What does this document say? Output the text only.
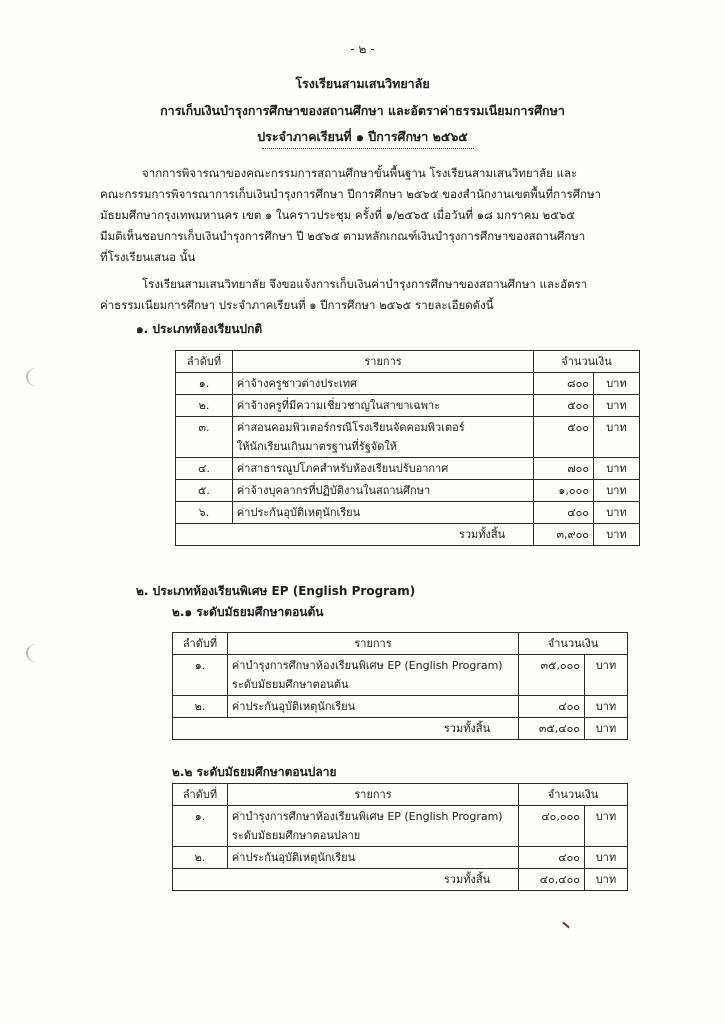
- ๒ -
โรงเรียนสามเสนวิทยาลัย
การเก็บเงินบำรุงการศึกษาของสถานศึกษา และอัตราค่าธรรมเนียมการศึกษา
ประจำภาคเรียนที่ ๑ ปีการศึกษา ๒๕๖๕
จากการพิจารณาของคณะกรรมการสถานศึกษาขั้นพื้นฐาน โรงเรียนสามเสนวิทยาลัย และ
คณะกรรมการพิจารณาการเก็บเงินบำรุงการศึกษา ปีการศึกษา ๒๕๖๕ ของสำนักงานเขตพื้นที่การศึกษา
มัธยมศึกษากรุงเทพมหานคร เขต ๑ ในคราวประชุม ครั้งที่ ๑/๒๕๖๕ เมื่อวันที่ ๑๘ มกราคม ๒๕๖๕
มีมติเห็นชอบการเก็บเงินบำรุงการศึกษา ปี ๒๕๖๕ ตามหลักเกณฑ์เงินบำรุงการศึกษาของสถานศึกษา
ที่โรงเรียนเสนอ นั้น
โรงเรียนสามเสนวิทยาลัย จึงขอแจ้งการเก็บเงินค่าบำรุงการศึกษาของสถานศึกษา และอัตรา
ค่าธรรมเนียมการศึกษา ประจำภาคเรียนที่ ๑ ปีการศึกษา ๒๕๖๕ รายละเอียดดังนี้
๑. ประเภทห้องเรียนปกติ
ลำดับที่	รายการ	จำนวนเงิน	
๑.	ค่าจ้างครูชาวต่างประเทศ	๘๐๐	บาท
๒.	ค่าจ้างครูที่มีความเชี่ยวชาญในสาขาเฉพาะ	๕๐๐	บาท
๓.	ค่าสอนคอมพิวเตอร์กรณีโรงเรียนจัดคอมพิวเตอร์
ให้นักเรียนเกินมาตรฐานที่รัฐจัดให้	๕๐๐	บาท
๔.	ค่าสาธารณูปโภคสำหรับห้องเรียนปรับอากาศ	๗๐๐	บาท
๕.	ค่าจ้างบุคลากรที่ปฏิบัติงานในสถานศึกษา	๑,๐๐๐	บาท
๖.	ค่าประกันอุบัติเหตุนักเรียน	๔๐๐	บาท
รวมทั้งสิ้น		๓,๙๐๐	บาท
๒. ประเภทห้องเรียนพิเศษ EP (English Program)
๒.๑ ระดับมัธยมศึกษาตอนต้น
ลำดับที่	รายการ	จำนวนเงิน	
๑.	ค่าบำรุงการศึกษาห้องเรียนพิเศษ EP (English Program)
ระดับมัธยมศึกษาตอนต้น	๓๕,๐๐๐	บาท
๒.	ค่าประกันอุบัติเหตุนักเรียน	๔๐๐	บาท
รวมทั้งสิ้น		๓๕,๔๐๐	บาท
๒.๒ ระดับมัธยมศึกษาตอนปลาย
ลำดับที่	รายการ	จำนวนเงิน	
๑.	ค่าบำรุงการศึกษาห้องเรียนพิเศษ EP (English Program)
ระดับมัธยมศึกษาตอนปลาย	๔๐,๐๐๐	บาท
๒.	ค่าประกันอุบัติเหตุนักเรียน	๔๐๐	บาท
รวมทั้งสิ้น		๔๐,๔๐๐	บาท
